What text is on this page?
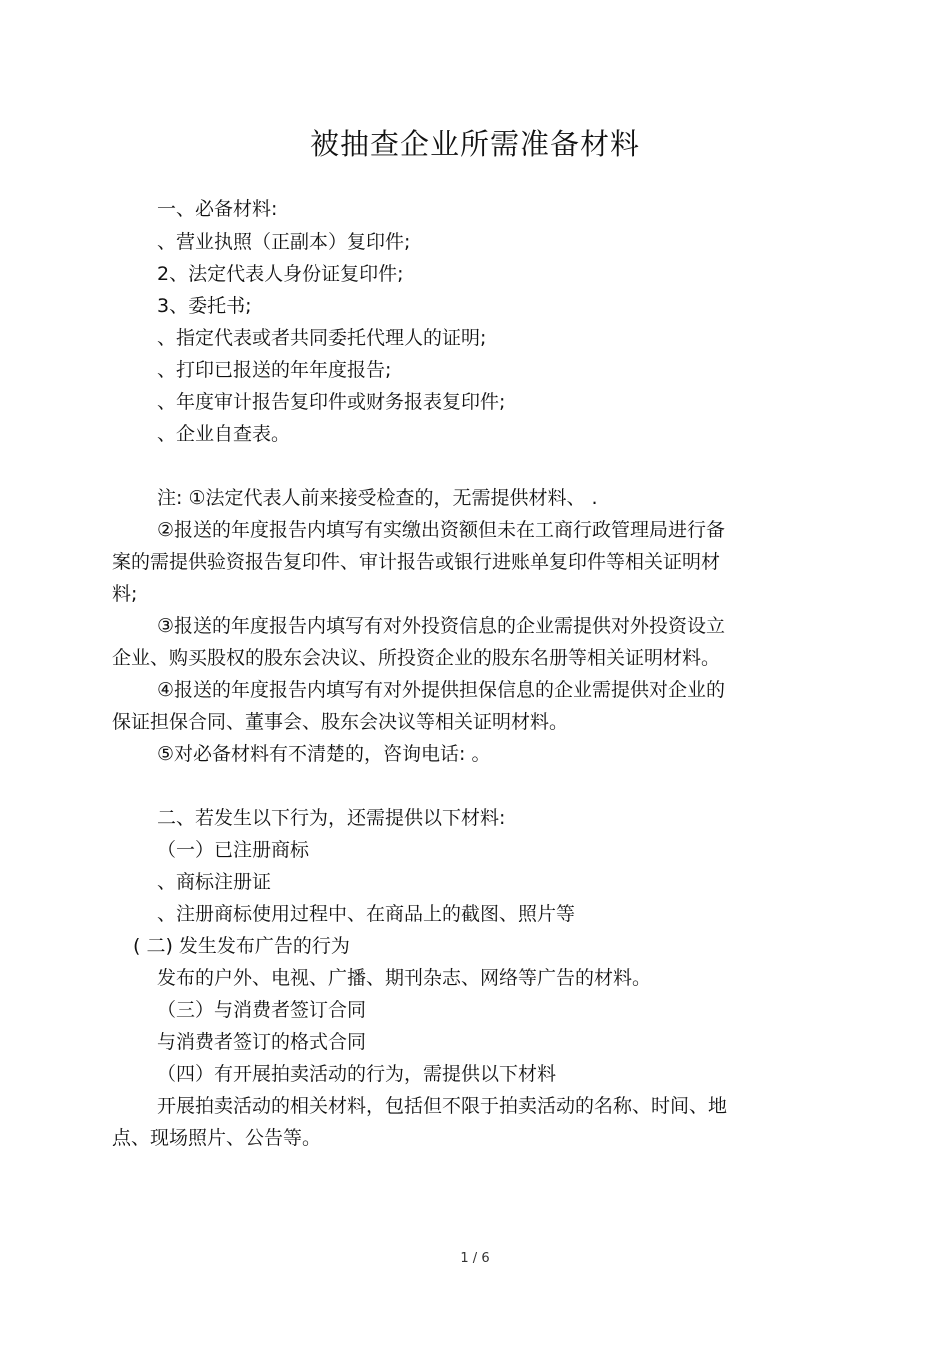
被抽查企业所需准备材料
一、必备材料:
、营业执照（正副本）复印件;
2、法定代表人身份证复印件;
3、委托书;
、指定代表或者共同委托代理人的证明;
、打印已报送的年年度报告;
、年度审计报告复印件或财务报表复印件;
、企业自查表。
注: ①法定代表人前来接受检查的，无需提供材料、 .
②报送的年度报告内填写有实缴出资额但未在工商行政管理局进行备
案的需提供验资报告复印件、审计报告或银行进账单复印件等相关证明材
料;
③报送的年度报告内填写有对外投资信息的企业需提供对外投资设立
企业、购买股权的股东会决议、所投资企业的股东名册等相关证明材料。
④报送的年度报告内填写有对外提供担保信息的企业需提供对企业的
保证担保合同、董事会、股东会决议等相关证明材料。
⑤对必备材料有不清楚的，咨询电话: 。
二、若发生以下行为，还需提供以下材料:
（一）已注册商标
、商标注册证
、注册商标使用过程中、在商品上的截图、照片等
( 二) 发生发布广告的行为
发布的户外、电视、广播、期刊杂志、网络等广告的材料。
（三）与消费者签订合同
与消费者签订的格式合同
（四）有开展拍卖活动的行为，需提供以下材料
开展拍卖活动的相关材料，包括但不限于拍卖活动的名称、时间、地
点、现场照片、公告等。
1 / 6
